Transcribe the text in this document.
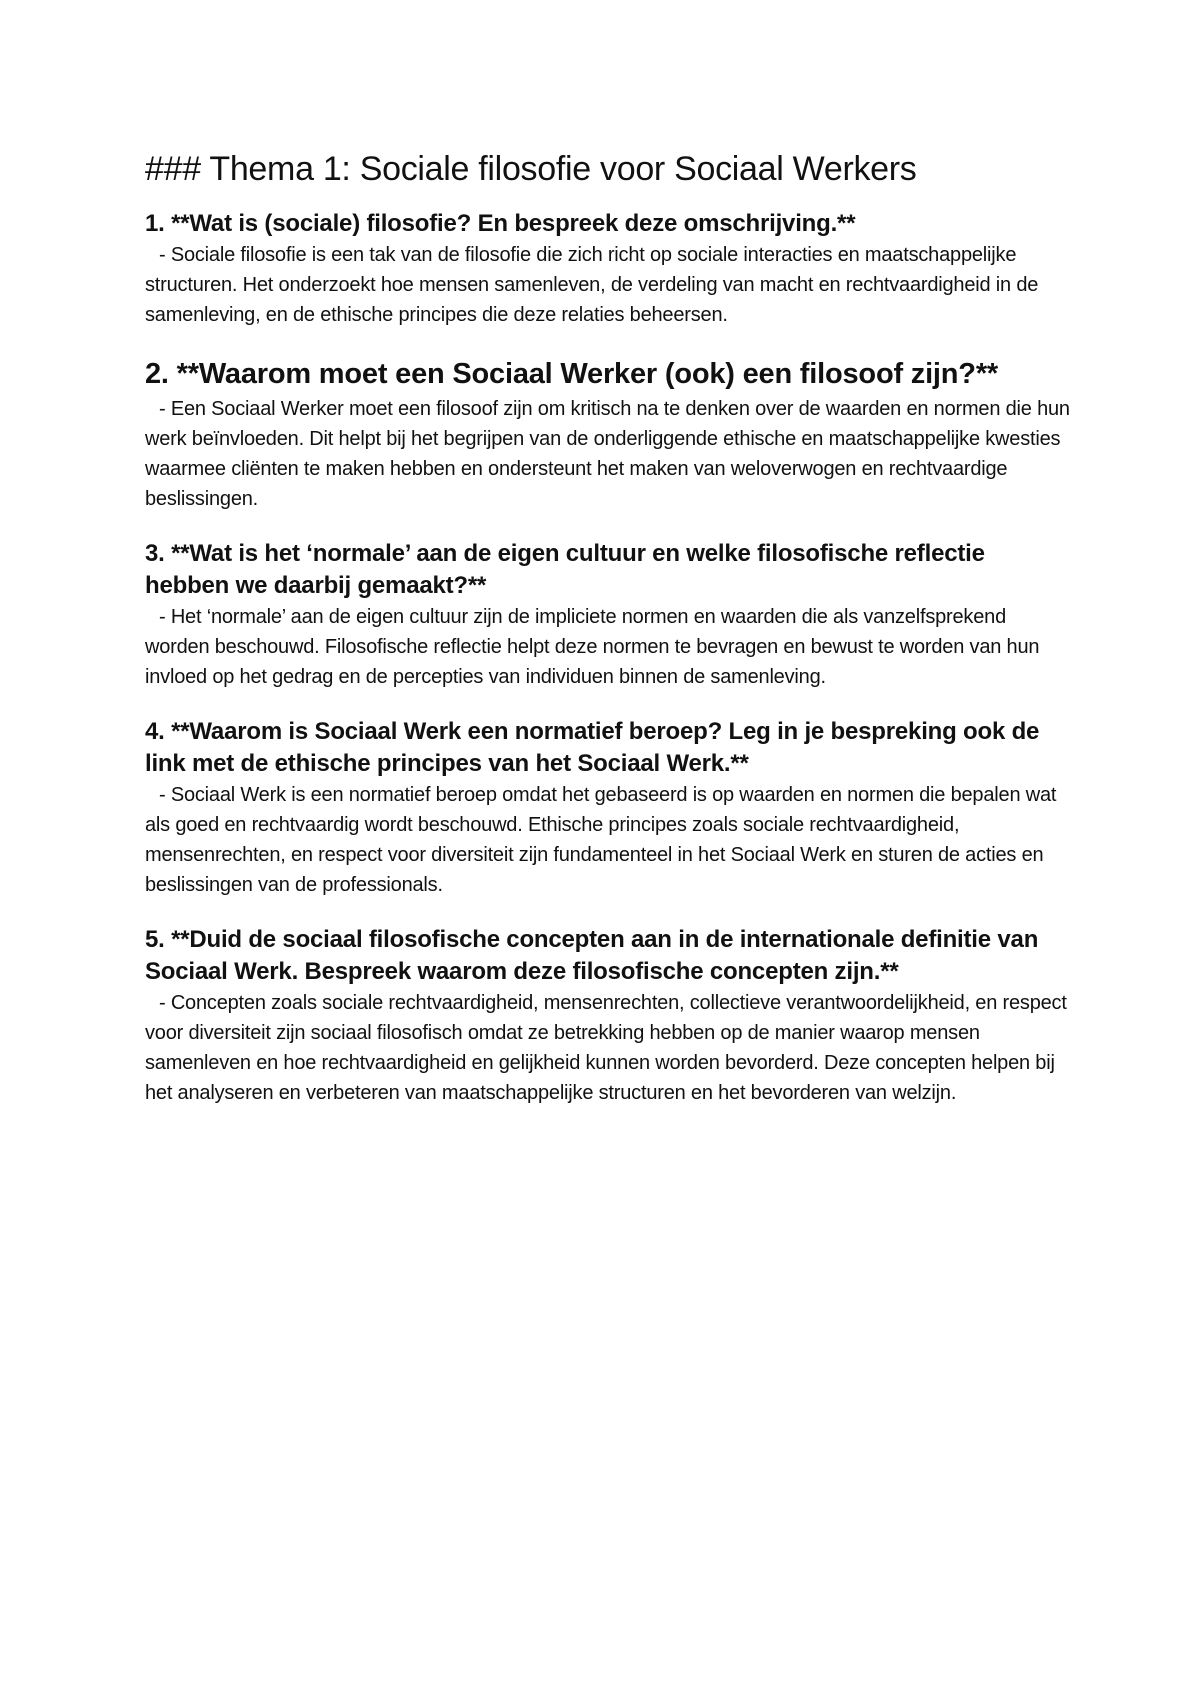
### Thema 1: Sociale filosofie voor Sociaal Werkers

1. **Wat is (sociale) filosofie? En bespreek deze omschrijving.**

- Sociale filosofie is een tak van de filosofie die zich richt op sociale interacties en maatschappelijke structuren. Het onderzoekt hoe mensen samenleven, de verdeling van macht en rechtvaardigheid in de samenleving, en de ethische principes die deze relaties beheersen.

2. **Waarom moet een Sociaal Werker (ook) een filosoof zijn?**

- Een Sociaal Werker moet een filosoof zijn om kritisch na te denken over de waarden en normen die hun werk beïnvloeden. Dit helpt bij het begrijpen van de onderliggende ethische en maatschappelijke kwesties waarmee cliënten te maken hebben en ondersteunt het maken van weloverwogen en rechtvaardige beslissingen.

3. **Wat is het ‘normale’ aan de eigen cultuur en welke filosofische reflectie hebben we daarbij gemaakt?**

- Het ‘normale’ aan de eigen cultuur zijn de impliciete normen en waarden die als vanzelfsprekend worden beschouwd. Filosofische reflectie helpt deze normen te bevragen en bewust te worden van hun invloed op het gedrag en de percepties van individuen binnen de samenleving.

4. **Waarom is Sociaal Werk een normatief beroep? Leg in je bespreking ook de link met de ethische principes van het Sociaal Werk.**

- Sociaal Werk is een normatief beroep omdat het gebaseerd is op waarden en normen die bepalen wat als goed en rechtvaardig wordt beschouwd. Ethische principes zoals sociale rechtvaardigheid, mensenrechten, en respect voor diversiteit zijn fundamenteel in het Sociaal Werk en sturen de acties en beslissingen van de professionals.

5. **Duid de sociaal filosofische concepten aan in de internationale definitie van Sociaal Werk. Bespreek waarom deze filosofische concepten zijn.**

- Concepten zoals sociale rechtvaardigheid, mensenrechten, collectieve verantwoordelijkheid, en respect voor diversiteit zijn sociaal filosofisch omdat ze betrekking hebben op de manier waarop mensen samenleven en hoe rechtvaardigheid en gelijkheid kunnen worden bevorderd. Deze concepten helpen bij het analyseren en verbeteren van maatschappelijke structuren en het bevorderen van welzijn.
